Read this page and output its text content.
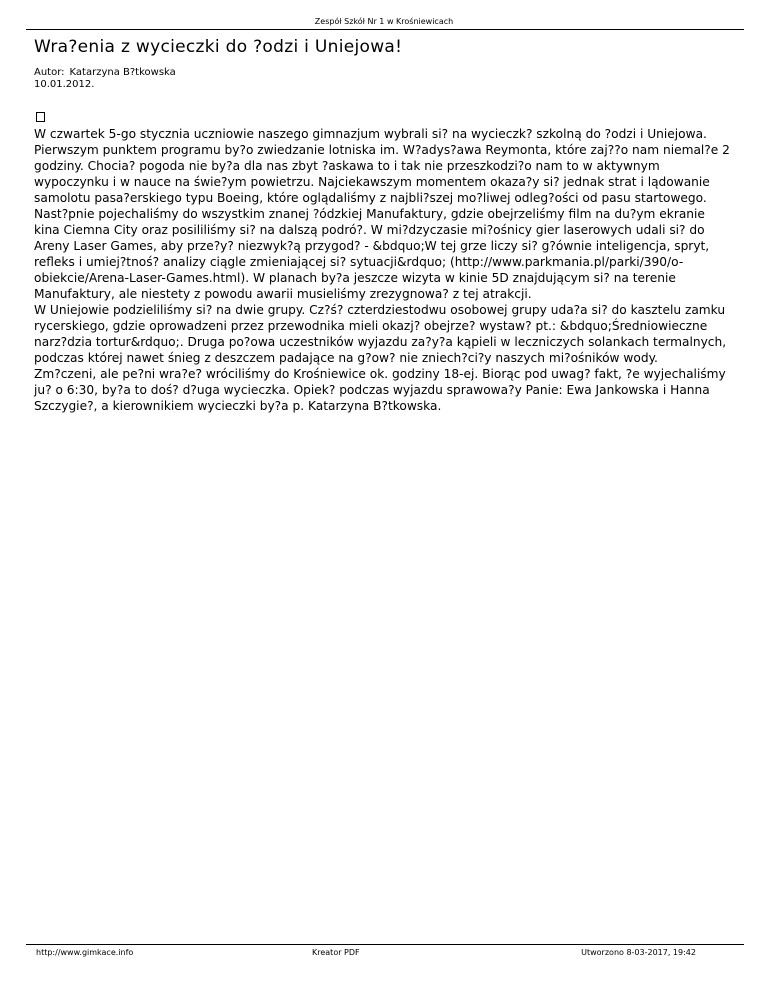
Zespół Szkół Nr 1 w Krośniewicach
Wra?enia z wycieczki do ?odzi i Uniejowa!
Autor: Katarzyna B?tkowska
10.01.2012.

W czwartek 5-go stycznia uczniowie naszego gimnazjum wybrali si? na wycieczk? szkolną do ?odzi i Uniejowa. Pierwszym punktem programu by?o zwiedzanie lotniska im. W?adys?awa Reymonta, które zaj??o nam niemal?e 2 godziny. Chocia? pogoda nie by?a dla nas zbyt ?askawa to i tak nie przeszkodzi?o nam to w aktywnym wypoczynku i w nauce na świe?ym powietrzu. Najciekawszym momentem okaza?y si? jednak strat i lądowanie samolotu pasa?erskiego typu Boeing, które oglądaliśmy z najbli?szej mo?liwej odleg?ości od pasu startowego.

Nast?pnie pojechaliśmy do wszystkim znanej ?ódzkiej Manufaktury, gdzie obejrzeliśmy film na du?ym ekranie kina Ciemna City oraz posililiśmy si? na dalszą podró?. W mi?dzyczasie mi?ośnicy gier laserowych udali si? do Areny Laser Games, aby prze?y? niezwyk?ą przygod? - &bdquo;W tej grze liczy si? g?ównie inteligencja, spryt, refleks i umiej?tnoś? analizy ciągle zmieniającej si? sytuacji&rdquo; (http://www.parkmania.pl/parki/390/o-obiekcie/Arena-Laser-Games.html). W planach by?a jeszcze wizyta w kinie 5D znajdującym si? na terenie Manufaktury, ale niestety z powodu awarii musieliśmy zrezygnowa? z tej atrakcji.

W Uniejowie podzieliliśmy si? na dwie grupy. Cz?ś? czterdziestodwu osobowej grupy uda?a si? do kasztelu zamku rycerskiego, gdzie oprowadzeni przez przewodnika mieli okazj? obejrze? wystaw? pt.: &bdquo;Średniowieczne narz?dzia tortur&rdquo;. Druga po?owa uczestników wyjazdu za?y?a kąpieli w leczniczych solankach termalnych, podczas której nawet śnieg z deszczem padające na g?ow? nie zniech?ci?y naszych mi?ośników wody.

Zm?czeni, ale pe?ni wra?e? wróciliśmy do Krośniewice ok. godziny 18-ej. Biorąc pod uwag? fakt, ?e wyjechaliśmy ju? o 6:30, by?a to doś? d?uga wycieczka. Opiek? podczas wyjazdu sprawowa?y Panie: Ewa Jankowska i Hanna Szczygie?, a kierownikiem wycieczki by?a p. Katarzyna B?tkowska.

http://www.gimkace.info	Kreator PDF	Utworzono 8-03-2017, 19:42
